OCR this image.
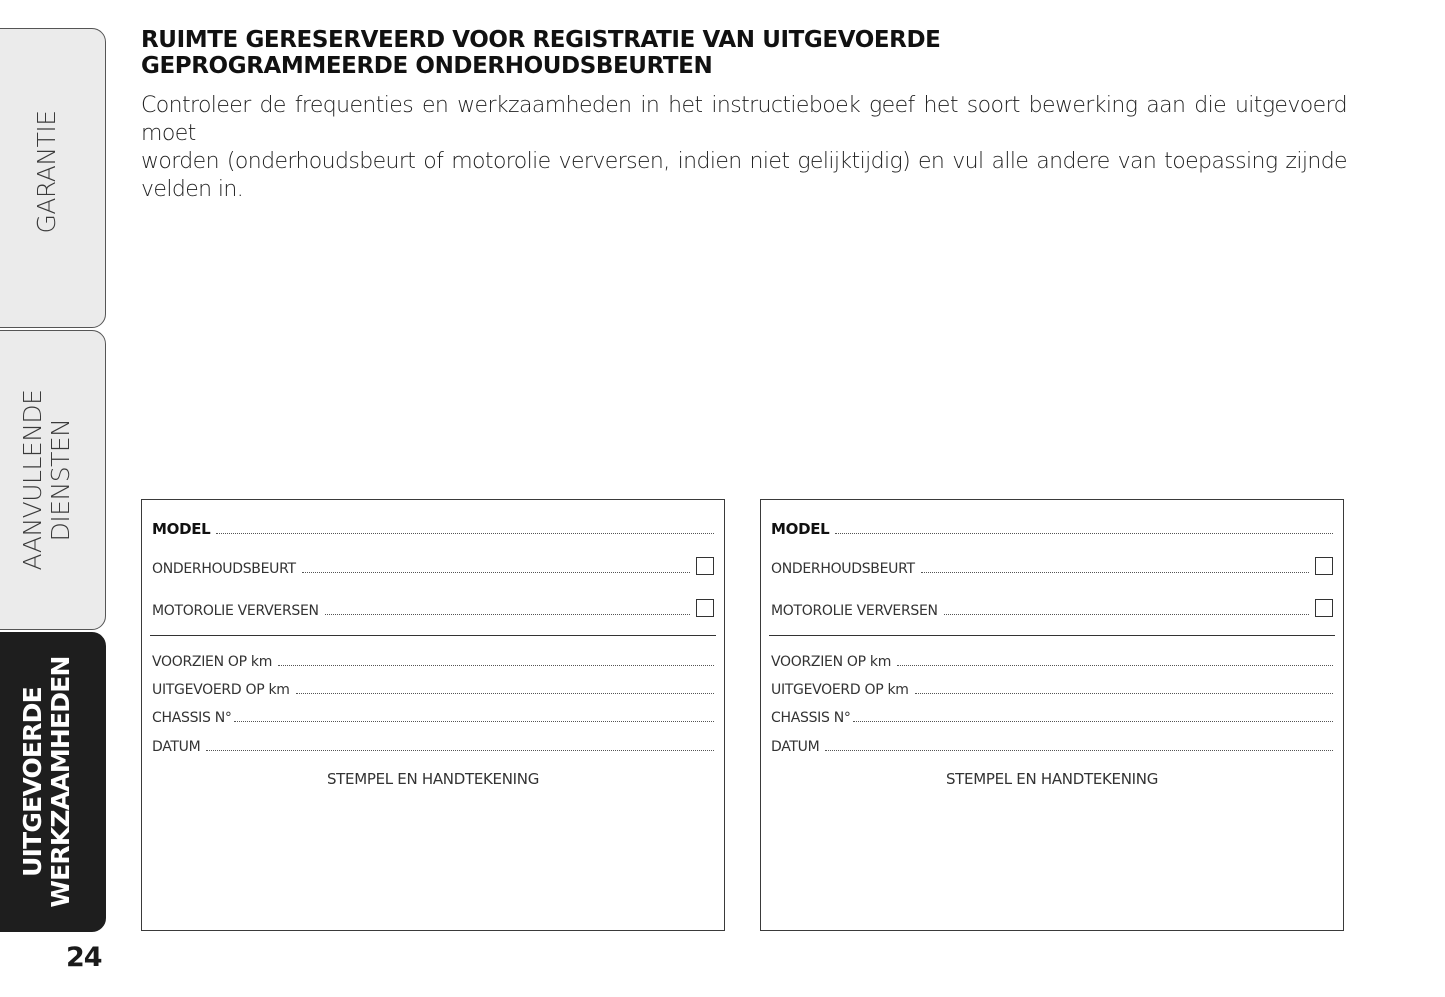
GARANTIE
AANVULLENDE DIENSTEN
UITGEVOERDE WERKZAAMHEDEN
24
RUIMTE GERESERVEERD VOOR REGISTRATIE VAN UITGEVOERDE
GEPROGRAMMEERDE ONDERHOUDSBEURTEN
Controleer de frequenties en werkzaamheden in het instructieboek geef het soort bewerking aan die uitgevoerd moet
worden (onderhoudsbeurt of motorolie verversen, indien niet gelijktijdig) en vul alle andere van toepassing zijnde velden in.
MODEL
ONDERHOUDSBEURT
MOTOROLIE VERVERSEN
VOORZIEN OP km
UITGEVOERD OP km
CHASSIS N°
DATUM
STEMPEL EN HANDTEKENING
MODEL
ONDERHOUDSBEURT
MOTOROLIE VERVERSEN
VOORZIEN OP km
UITGEVOERD OP km
CHASSIS N°
DATUM
STEMPEL EN HANDTEKENING
